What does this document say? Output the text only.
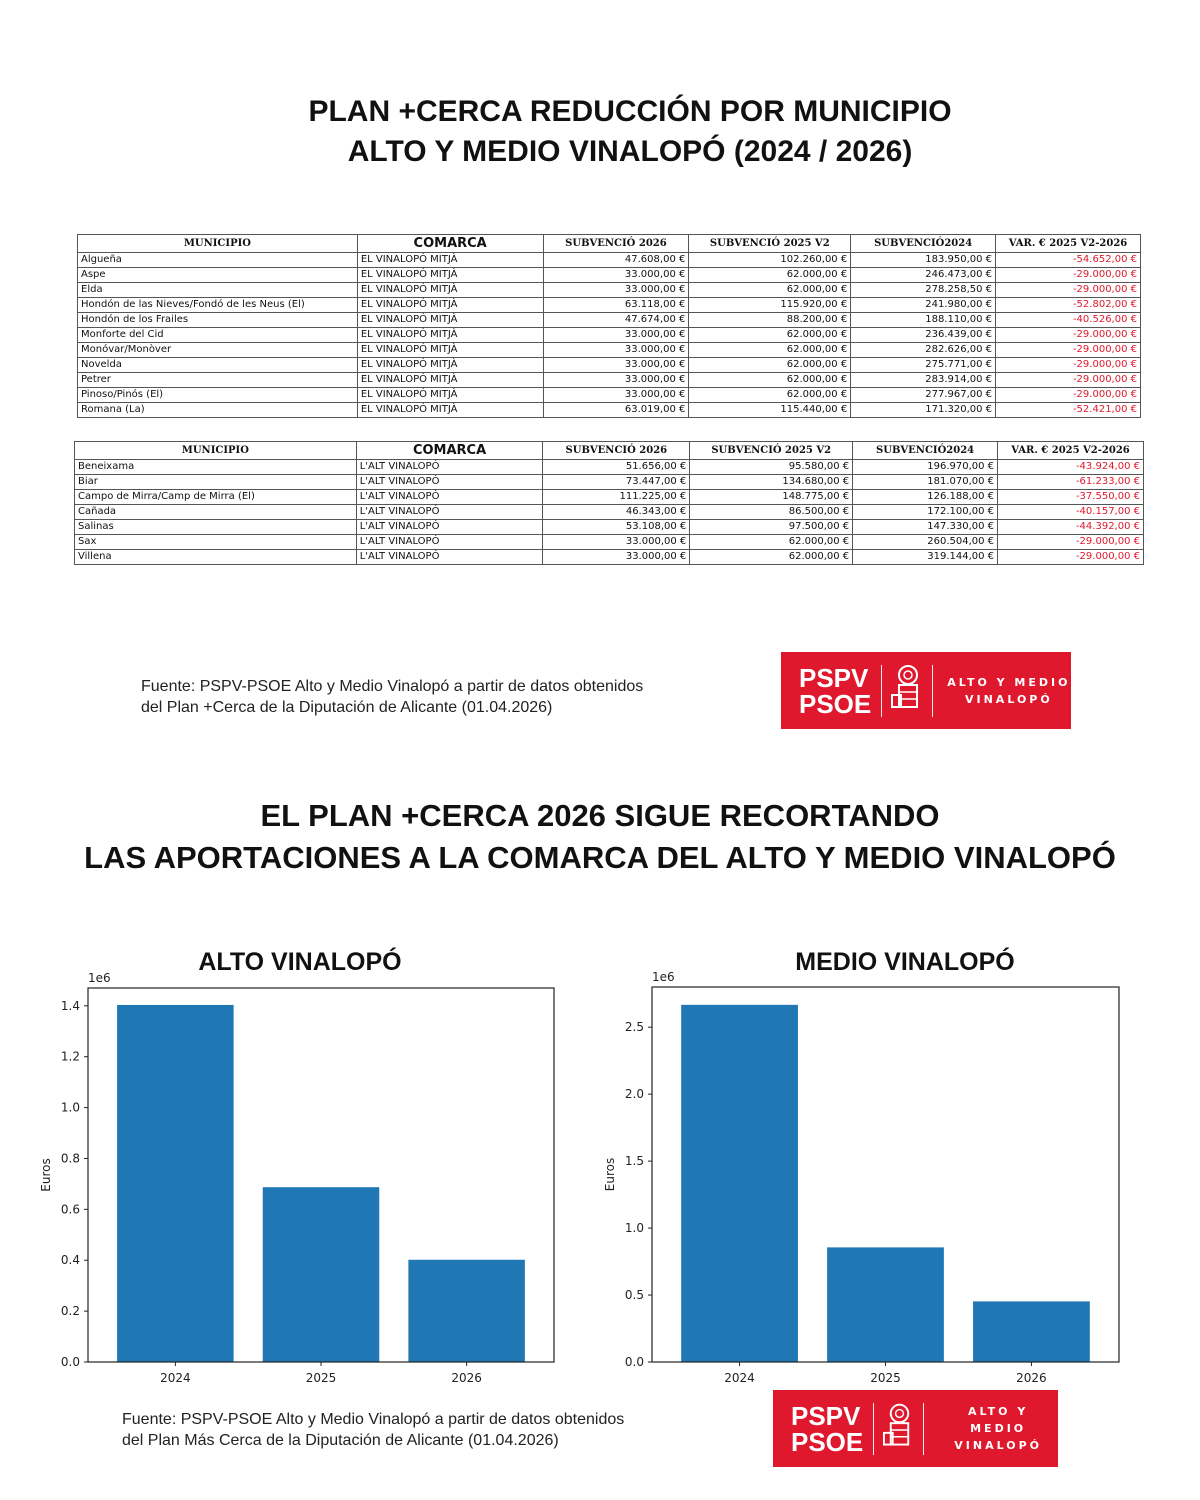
PLAN +CERCA REDUCCIÓN POR MUNICIPIO
ALTO Y MEDIO VINALOPÓ (2024 / 2026)
MUNICIPIO	COMARCA	SUBVENCIÓ 2026	SUBVENCIÓ 2025 V2	SUBVENCIÓ2024	VAR. € 2025 V2-2026
Algueña	EL VINALOPÓ MITJÀ	47.608,00 €	102.260,00 €	183.950,00 €	-54.652,00 €
Aspe	EL VINALOPÓ MITJÀ	33.000,00 €	62.000,00 €	246.473,00 €	-29.000,00 €
Elda	EL VINALOPÓ MITJÀ	33.000,00 €	62.000,00 €	278.258,50 €	-29.000,00 €
Hondón de las Nieves/Fondó de les Neus (El)	EL VINALOPÓ MITJÀ	63.118,00 €	115.920,00 €	241.980,00 €	-52.802,00 €
Hondón de los Frailes	EL VINALOPÓ MITJÀ	47.674,00 €	88.200,00 €	188.110,00 €	-40.526,00 €
Monforte del Cid	EL VINALOPÓ MITJÀ	33.000,00 €	62.000,00 €	236.439,00 €	-29.000,00 €
Monóvar/Monòver	EL VINALOPÓ MITJÀ	33.000,00 €	62.000,00 €	282.626,00 €	-29.000,00 €
Novelda	EL VINALOPÓ MITJÀ	33.000,00 €	62.000,00 €	275.771,00 €	-29.000,00 €
Petrer	EL VINALOPÓ MITJÀ	33.000,00 €	62.000,00 €	283.914,00 €	-29.000,00 €
Pinoso/Pinós (El)	EL VINALOPÓ MITJÀ	33.000,00 €	62.000,00 €	277.967,00 €	-29.000,00 €
Romana (La)	EL VINALOPÓ MITJÀ	63.019,00 €	115.440,00 €	171.320,00 €	-52.421,00 €
MUNICIPIO	COMARCA	SUBVENCIÓ 2026	SUBVENCIÓ 2025 V2	SUBVENCIÓ2024	VAR. € 2025 V2-2026
Beneixama	L'ALT VINALOPÓ	51.656,00 €	95.580,00 €	196.970,00 €	-43.924,00 €
Biar	L'ALT VINALOPÓ	73.447,00 €	134.680,00 €	181.070,00 €	-61.233,00 €
Campo de Mirra/Camp de Mirra (El)	L'ALT VINALOPÓ	111.225,00 €	148.775,00 €	126.188,00 €	-37.550,00 €
Cañada	L'ALT VINALOPÓ	46.343,00 €	86.500,00 €	172.100,00 €	-40.157,00 €
Salinas	L'ALT VINALOPÓ	53.108,00 €	97.500,00 €	147.330,00 €	-44.392,00 €
Sax	L'ALT VINALOPÓ	33.000,00 €	62.000,00 €	260.504,00 €	-29.000,00 €
Villena	L'ALT VINALOPÓ	33.000,00 €	62.000,00 €	319.144,00 €	-29.000,00 €
Fuente: PSPV-PSOE Alto y Medio Vinalopó a partir de datos obtenidos
del Plan +Cerca de la Diputación de Alicante (01.04.2026)
PSPV
PSOE
ALTO Y MEDIO
VINALOPÓ
EL PLAN +CERCA 2026 SIGUE RECORTANDO
LAS APORTACIONES A LA COMARCA DEL ALTO Y MEDIO VINALOPÓ
ALTO VINALOPÓ	MEDIO VINALOPÓ
2024	2025	2026
0.0
0.2
0.4
0.6
0.8
1.0
1.2
1.4
1e6
Euros
2024	2025	2026
0.0
0.5
1.0
1.5
2.0
2.5
1e6
Euros
Fuente: PSPV-PSOE Alto y Medio Vinalopó a partir de datos obtenidos
del Plan Más Cerca de la Diputación de Alicante (01.04.2026)
PSPV
PSOE
ALTO Y MEDIO
VINALOPÓ
